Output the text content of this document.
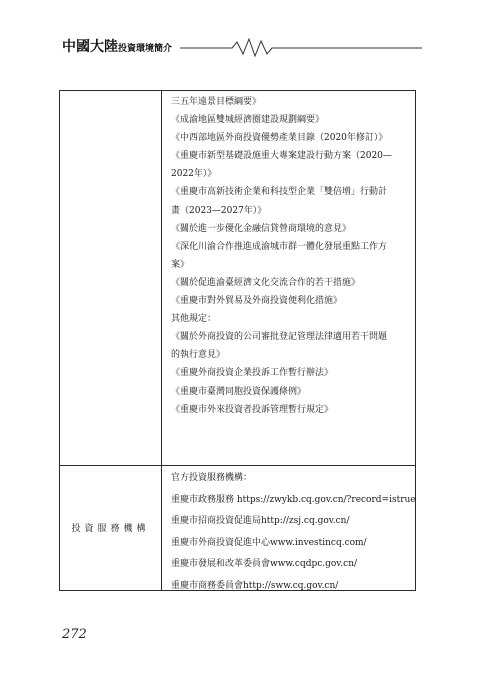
中國大陸投資環境簡介
三五年遠景目標綱要》
《成渝地區雙城經濟圈建設規劃綱要》
《中西部地區外商投資優勢產業目錄（2020年修訂）》
《重慶市新型基礎設施重大專案建設行動方案（2020—
2022年）》
《重慶市高新技術企業和科技型企業「雙倍增」行動計
畫（2023—2027年）》
《關於進一步優化金融信貸營商環境的意見》
《深化川渝合作推進成渝城市群一體化發展重點工作方
案》
《關於促進渝臺經濟文化交流合作的若干措施》
《重慶市對外貿易及外商投資便利化措施》
其他規定：
《關於外商投資的公司審批登記管理法律適用若干問題
的執行意見》
《重慶外商投資企業投訴工作暫行辦法》
《重慶市臺灣同胞投資保護條例》
《重慶市外來投資者投訴管理暫行規定》
投資服務機構
官方投資服務機構：
重慶市政務服務 https://zwykb.cq.gov.cn/?record=istrue
重慶市招商投資促進局http://zsj.cq.gov.cn/
重慶市外商投資促進中心www.investincq.com/
重慶市發展和改革委員會www.cqdpc.gov.cn/
重慶市商務委員會http://sww.cq.gov.cn/
272
